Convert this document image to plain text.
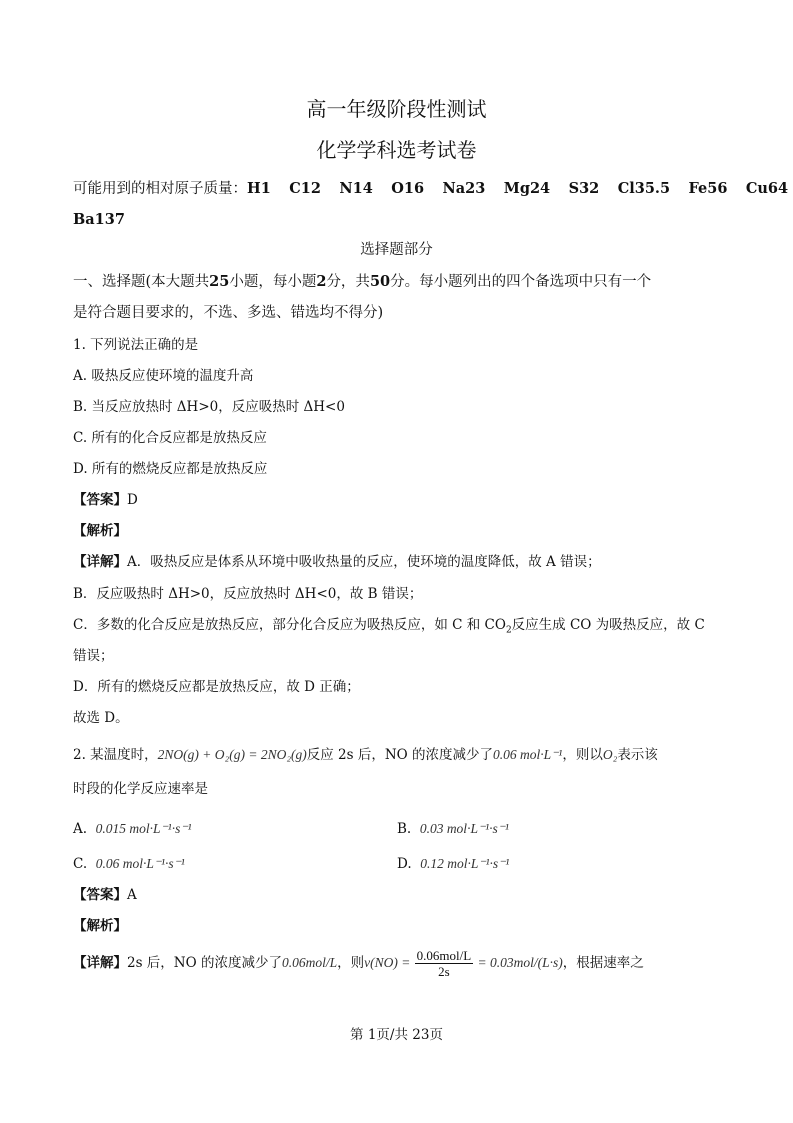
高一年级阶段性测试
化学学科选考试卷
可能用到的相对原子质量：H1 C12 N14 O16 Na23 Mg24 S32 Cl35.5 Fe56 Cu64
Ba137
选择题部分
一、选择题(本大题共25小题，每小题2分，共50分。每小题列出的四个备选项中只有一个
是符合题目要求的，不选、多选、错选均不得分)
1. 下列说法正确的是
A. 吸热反应使环境的温度升高
B. 当反应放热时 ΔH>0，反应吸热时 ΔH<0
C. 所有的化合反应都是放热反应
D. 所有的燃烧反应都是放热反应
【答案】D
【解析】
【详解】A．吸热反应是体系从环境中吸收热量的反应，使环境的温度降低，故 A 错误；
B．反应吸热时 ΔH>0，反应放热时 ΔH<0，故 B 错误；
C．多数的化合反应是放热反应，部分化合反应为吸热反应，如 C 和 $CO_2$反应生成 CO 为吸热反应，故 C
错误；
D．所有的燃烧反应都是放热反应，故 D 正确；
故选 D。
2. 某温度时，2NO(g) + O₂(g) = 2NO₂(g)反应 2s 后，NO 的浓度减少了0.06 mol·L⁻¹，则以O₂表示该
时段的化学反应速率是
A. 0.015 mol·L⁻¹·s⁻¹	B. 0.03 mol·L⁻¹·s⁻¹
C. 0.06 mol·L⁻¹·s⁻¹	D. 0.12 mol·L⁻¹·s⁻¹
【答案】A
【解析】
【详解】2s 后，NO 的浓度减少了0.06mol/L，则$v(NO) = \frac{\text{0.06mol/L}}{2s} = 0.03mol/(L\cdot s)$，根据速率之
第 1页/共 23页
